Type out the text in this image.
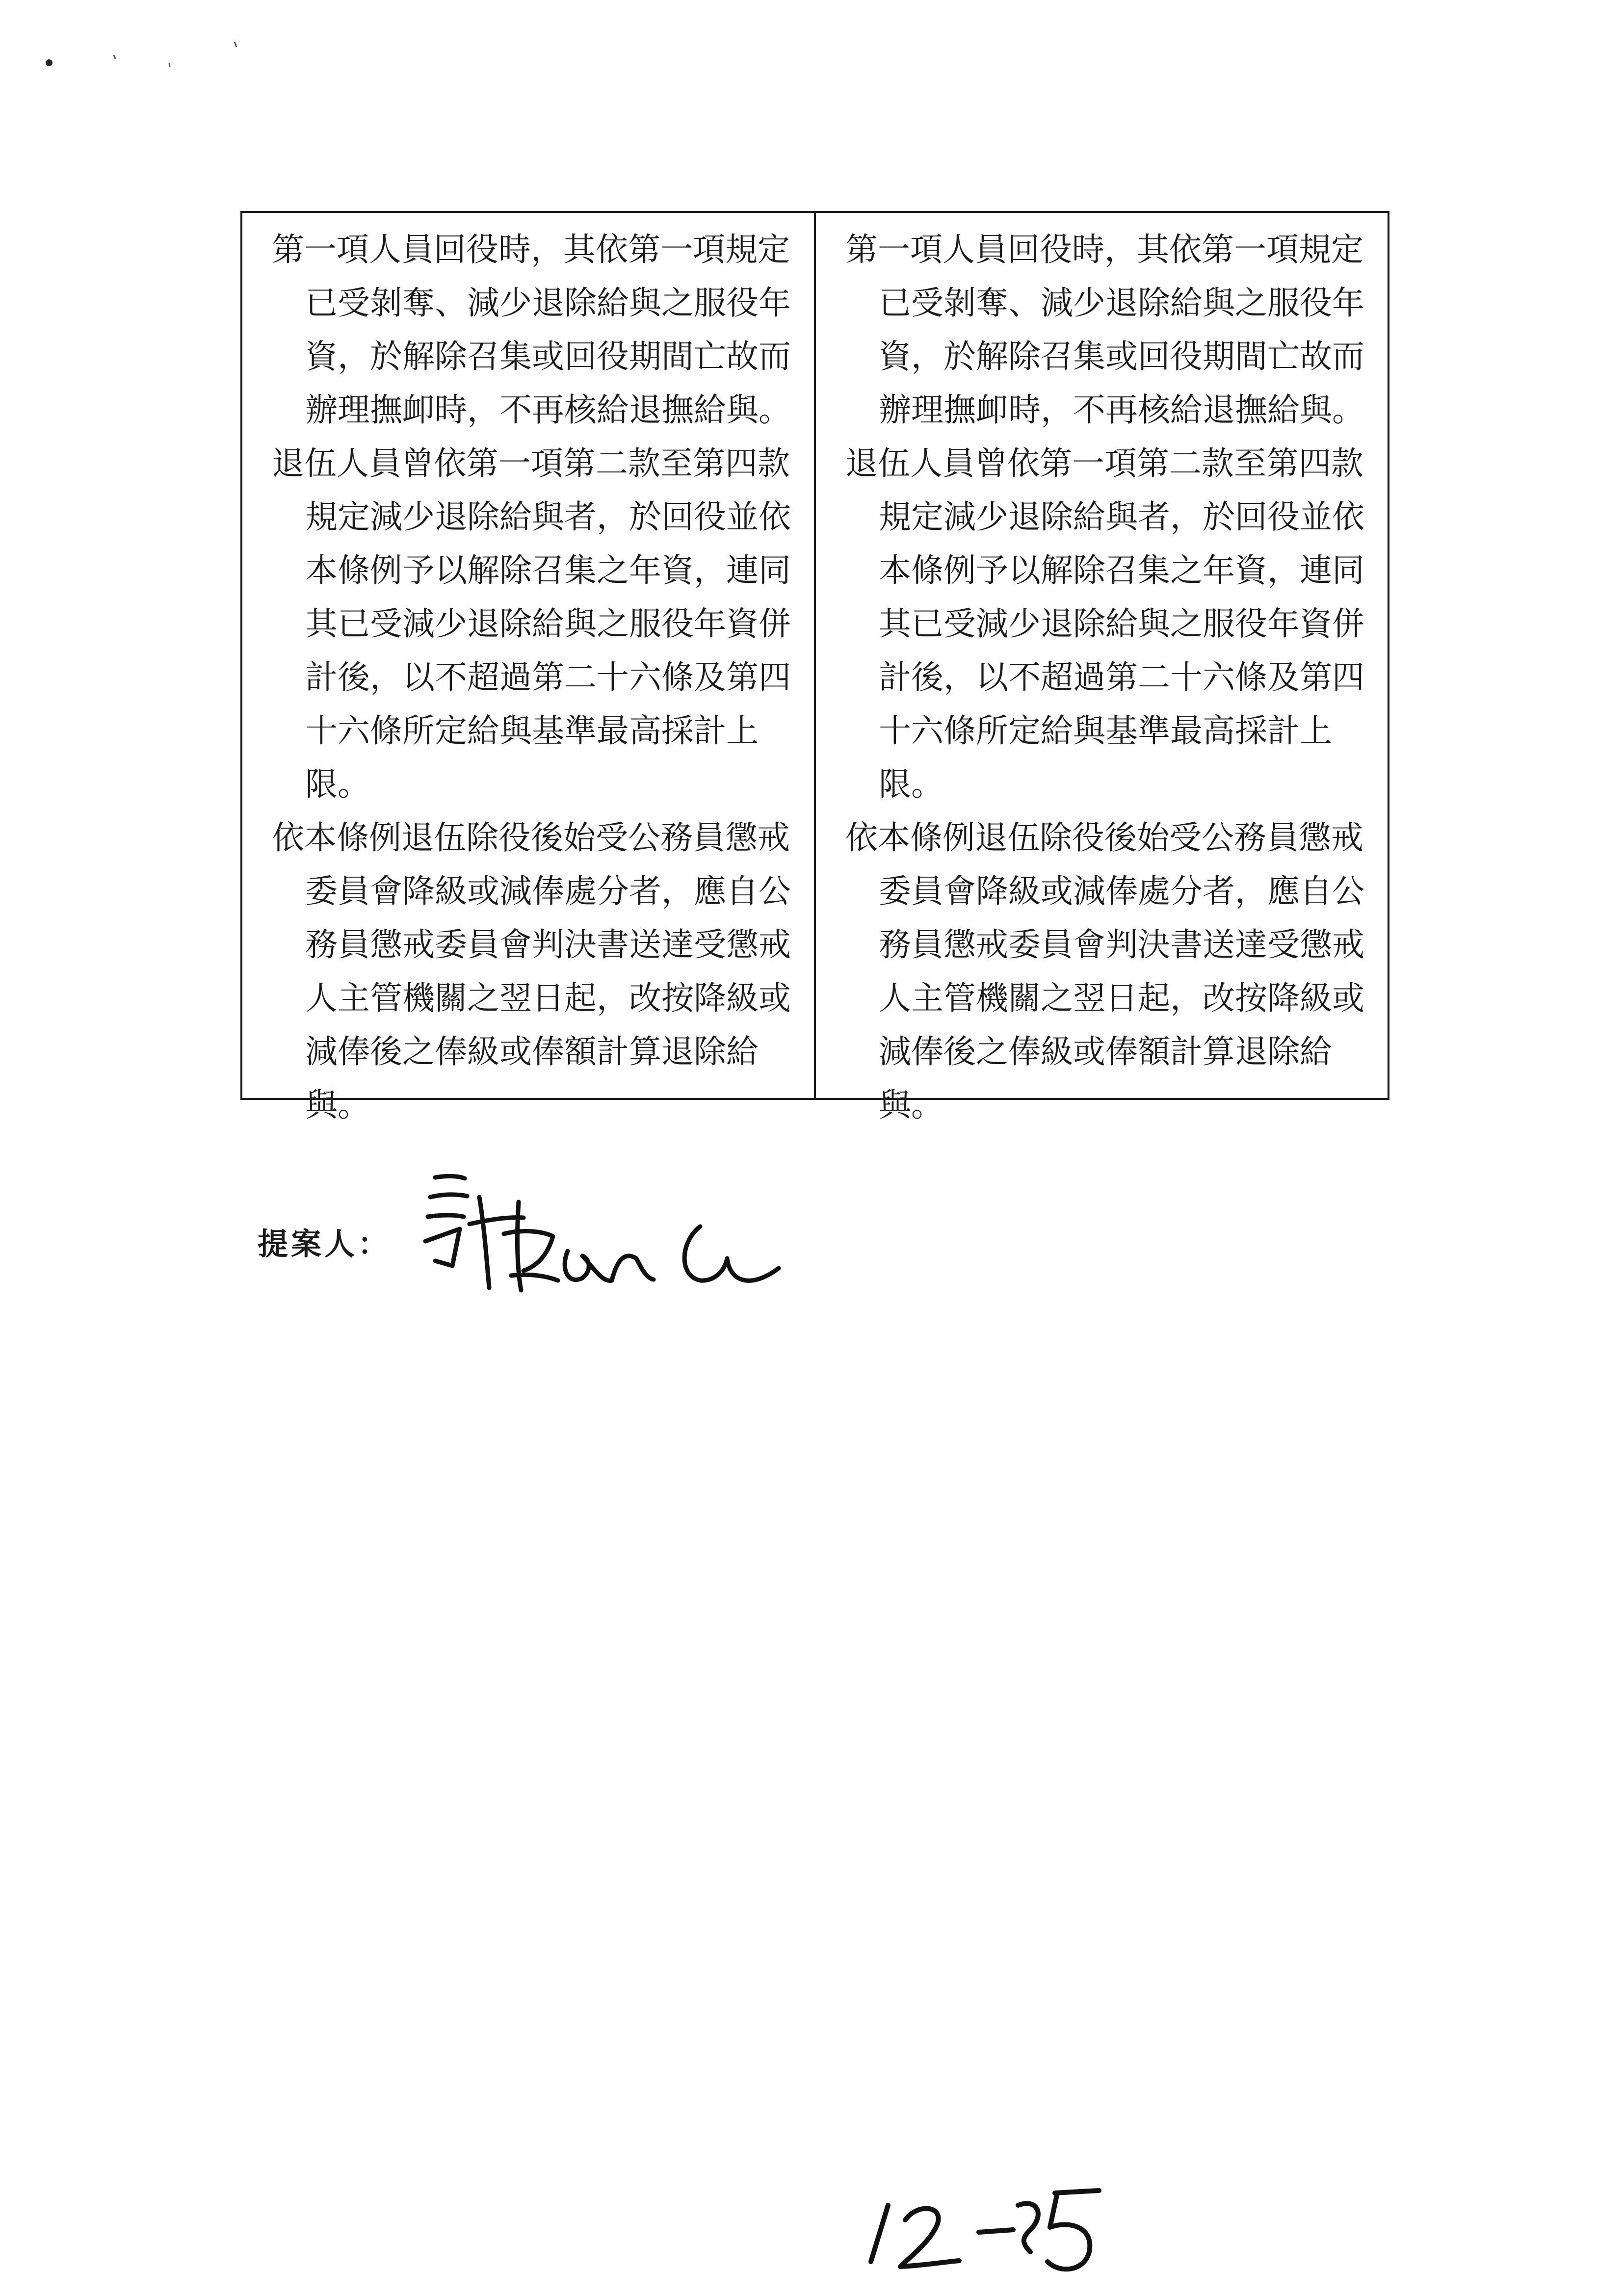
第一項人員回役時，其依第一項規定已受剝奪、減少退除給與之服役年資，於解除召集或回役期間亡故而辦理撫卹時，不再核給退撫給與。

退伍人員曾依第一項第二款至第四款規定減少退除給與者，於回役並依本條例予以解除召集之年資，連同其已受減少退除給與之服役年資併計後，以不超過第二十六條及第四十六條所定給與基準最高採計上限。

依本條例退伍除役後始受公務員懲戒委員會降級或減俸處分者，應自公務員懲戒委員會判決書送達受懲戒人主管機關之翌日起，改按降級或減俸後之俸級或俸額計算退除給與。

第一項人員回役時，其依第一項規定已受剝奪、減少退除給與之服役年資，於解除召集或回役期間亡故而辦理撫卹時，不再核給退撫給與。

退伍人員曾依第一項第二款至第四款規定減少退除給與者，於回役並依本條例予以解除召集之年資，連同其已受減少退除給與之服役年資併計後，以不超過第二十六條及第四十六條所定給與基準最高採計上限。

依本條例退伍除役後始受公務員懲戒委員會降級或減俸處分者，應自公務員懲戒委員會判決書送達受懲戒人主管機關之翌日起，改按降級或減俸後之俸級或俸額計算退除給與。

提案人：
